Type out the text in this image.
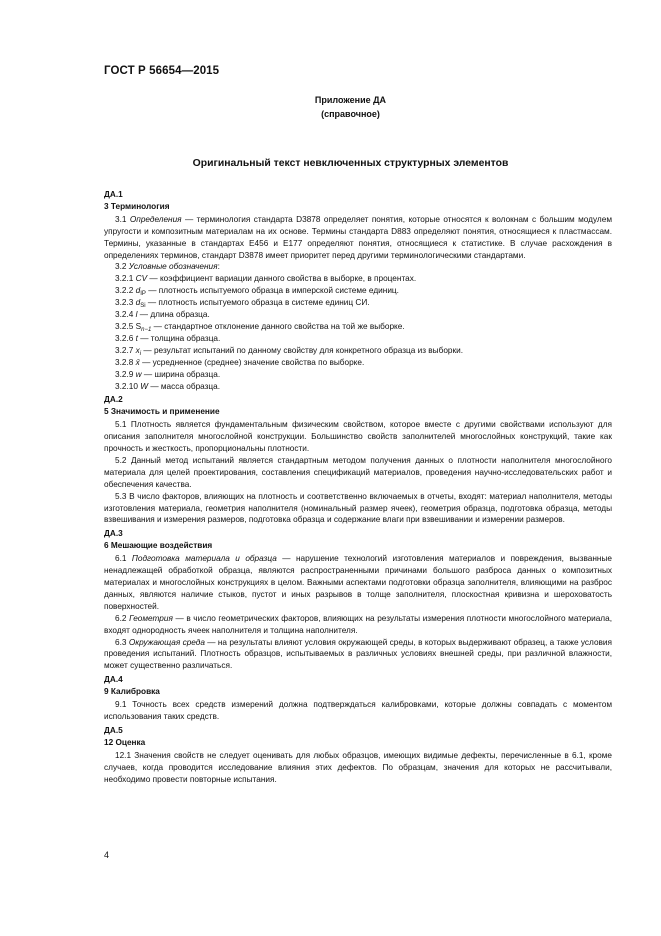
ГОСТ Р 56654—2015
Приложение ДА
(справочное)
Оригинальный текст невключенных структурных элементов

ДА.1

3 Терминология

3.1 Определения — терминология стандарта D3878 определяет понятия, которые относятся к волокнам с большим модулем упругости и композитным материалам на их основе. Термины стандарта D883 определяют понятия, относящиеся к пластмассам. Термины, указанные в стандартах E456 и E177 определяют понятия, относящиеся к статистике. В случае расхождения в определениях терминов, стандарт D3878 имеет приоритет перед другими терминологическими стандартами.

3.2 Условные обозначения:

3.2.1 CV — коэффициент вариации данного свойства в выборке, в процентах.

3.2.2 $d_{IP}$ — плотность испытуемого образца в имперской системе единиц.

3.2.3 $d_{Si}$ — плотность испытуемого образца в системе единиц СИ.

3.2.4 l — длина образца.

3.2.5 $S_{n-1}$ — стандартное отклонение данного свойства на той же выборке.

3.2.6 t — толщина образца.

3.2.7 $x_i$ — результат испытаний по данному свойству для конкретного образца из выборки.

3.2.8 x̄ — усредненное (среднее) значение свойства по выборке.

3.2.9 w — ширина образца.

3.2.10 W — масса образца.

ДА.2

5 Значимость и применение

5.1 Плотность является фундаментальным физическим свойством, которое вместе с другими свойствами используют для описания заполнителя многослойной конструкции. Большинство свойств заполнителей многослойных конструкций, такие как прочность и жесткость, пропорциональны плотности.

5.2 Данный метод испытаний является стандартным методом получения данных о плотности наполнителя многослойного материала для целей проектирования, составления спецификаций материалов, проведения научно-исследовательских работ и обеспечения качества.

5.3 В число факторов, влияющих на плотность и соответственно включаемых в отчеты, входят: материал наполнителя, методы изготовления материала, геометрия наполнителя (номинальный размер ячеек), геометрия образца, подготовка образца, методы взвешивания и измерения размеров, подготовка образца и содержание влаги при взвешивании и измерении размеров.

ДА.3

6 Мешающие воздействия

6.1 Подготовка материала и образца — нарушение технологий изготовления материалов и повреждения, вызванные ненадлежащей обработкой образца, являются распространенными причинами большого разброса данных о композитных материалах и многослойных конструкциях в целом. Важными аспектами подготовки образца заполнителя, влияющими на разброс данных, являются наличие стыков, пустот и иных разрывов в толще заполнителя, плоскостная кривизна и шероховатость поверхностей.

6.2 Геометрия — в число геометрических факторов, влияющих на результаты измерения плотности многослойного материала, входят однородность ячеек наполнителя и толщина наполнителя.

6.3 Окружающая среда — на результаты влияют условия окружающей среды, в которых выдерживают образец, а также условия проведения испытаний. Плотность образцов, испытываемых в различных условиях внешней среды, при различной влажности, может существенно различаться.

ДА.4

9 Калибровка

9.1 Точность всех средств измерений должна подтверждаться калибровками, которые должны совпадать с моментом использования таких средств.

ДА.5

12 Оценка

12.1 Значения свойств не следует оценивать для любых образцов, имеющих видимые дефекты, перечисленные в 6.1, кроме случаев, когда проводится исследование влияния этих дефектов. По образцам, значения для которых не рассчитывали, необходимо провести повторные испытания.

4
